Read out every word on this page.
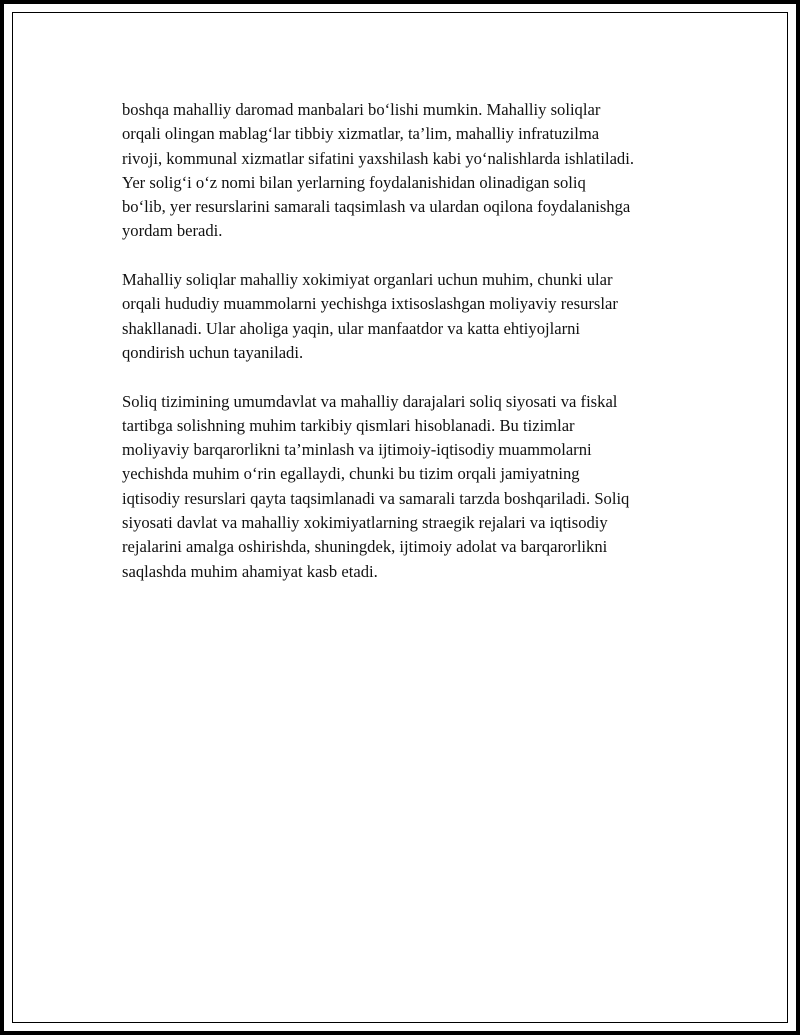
boshqa mahalliy daromad manbalari bo‘lishi mumkin. Mahalliy soliqlar
orqali olingan mablag‘lar tibbiy xizmatlar, ta’lim, mahalliy infratuzilma
rivoji, kommunal xizmatlar sifatini yaxshilash kabi yo‘nalishlarda ishlatiladi.
Yer solig‘i o‘z nomi bilan yerlarning foydalanishidan olinadigan soliq
bo‘lib, yer resurslarini samarali taqsimlash va ulardan oqilona foydalanishga
yordam beradi.

Mahalliy soliqlar mahalliy xokimiyat organlari uchun muhim, chunki ular
orqali hududiy muammolarni yechishga ixtisoslashgan moliyaviy resurslar
shakllanadi. Ular aholiga yaqin, ular manfaatdor va katta ehtiyojlarni
qondirish uchun tayaniladi.

Soliq tizimining umumdavlat va mahalliy darajalari soliq siyosati va fiskal
tartibga solishning muhim tarkibiy qismlari hisoblanadi. Bu tizimlar
moliyaviy barqarorlikni ta’minlash va ijtimoiy-iqtisodiy muammolarni
yechishda muhim o‘rin egallaydi, chunki bu tizim orqali jamiyatning
iqtisodiy resurslari qayta taqsimlanadi va samarali tarzda boshqariladi. Soliq
siyosati davlat va mahalliy xokimiyatlarning straegik rejalari va iqtisodiy
rejalarini amalga oshirishda, shuningdek, ijtimoiy adolat va barqarorlikni
saqlashda muhim ahamiyat kasb etadi.
